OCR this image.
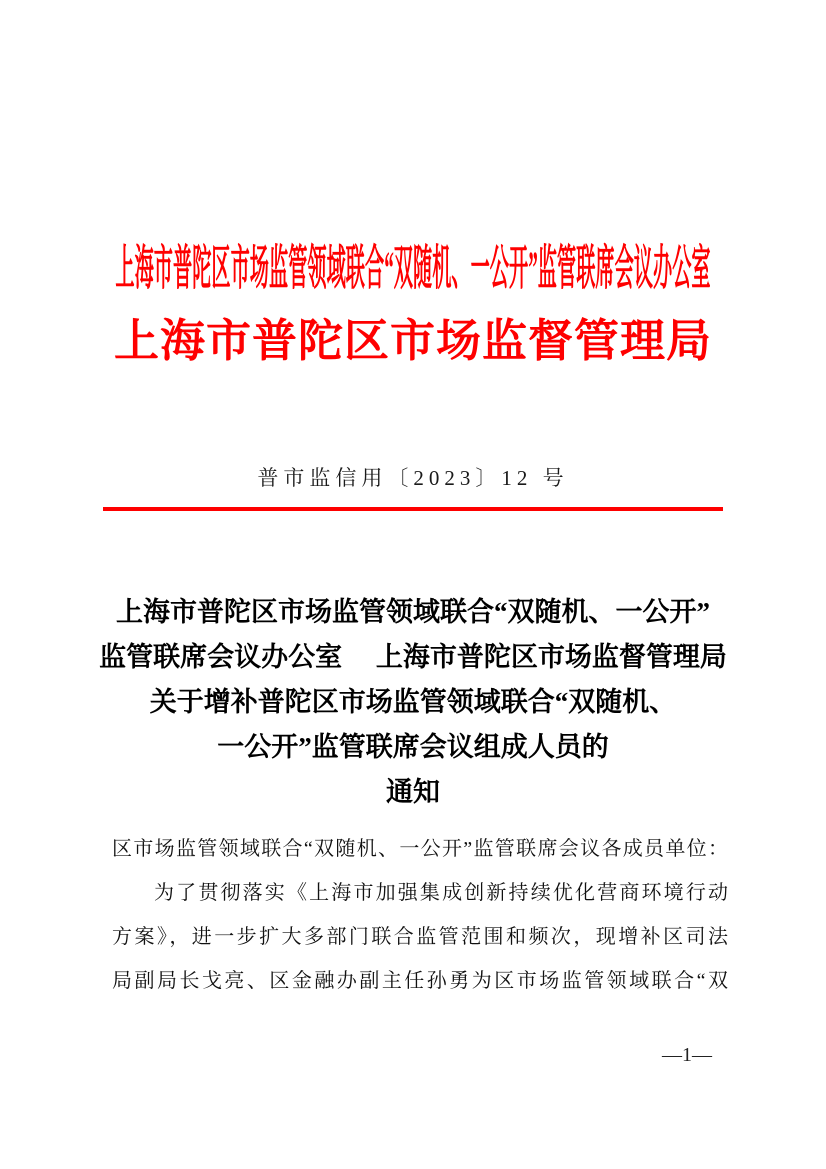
上海市普陀区市场监管领域联合“双随机、一公开”监管联席会议办公室
上海市普陀区市场监督管理局
普市监信用〔2023〕12 号
上海市普陀区市场监管领域联合“双随机、一公开”
监管联席会议办公室　 上海市普陀区市场监督管理局
关于增补普陀区市场监管领域联合“双随机、
一公开”监管联席会议组成人员的
通知
区市场监管领域联合“双随机、一公开”监管联席会议各成员单位：
为了贯彻落实《上海市加强集成创新持续优化营商环境行动
方案》，进一步扩大多部门联合监管范围和频次，现增补区司法
局副局长戈亮、区金融办副主任孙勇为区市场监管领域联合“双
—1—
